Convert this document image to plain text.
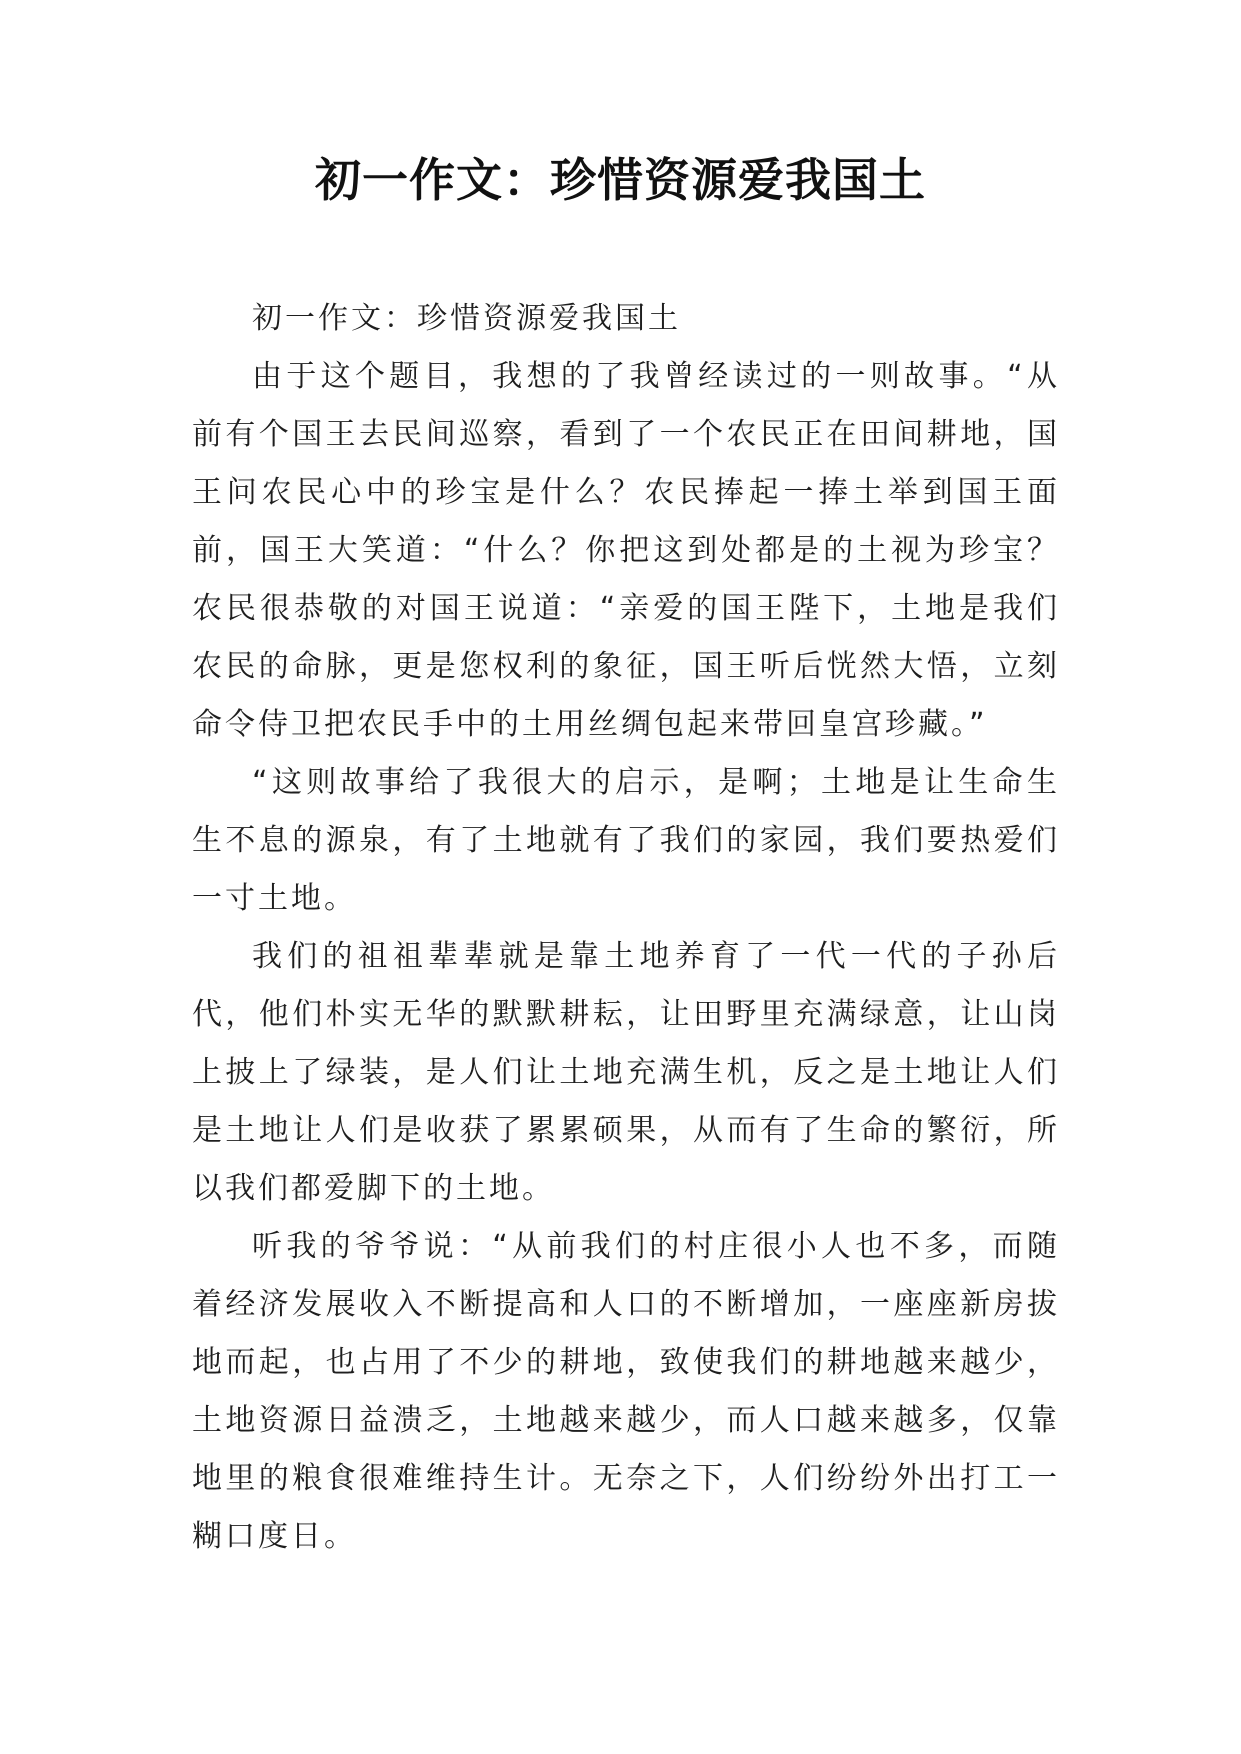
初一作文：珍惜资源爱我国土

初一作文：珍惜资源爱我国土

由于这个题目，我想的了我曾经读过的一则故事。“从前有个国王去民间巡察，看到了一个农民正在田间耕地，国王问农民心中的珍宝是什么？农民捧起一捧土举到国王面前，国王大笑道：“什么？你把这到处都是的土视为珍宝？农民很恭敬的对国王说道：“亲爱的国王陛下，土地是我们农民的命脉，更是您权利的象征，国王听后恍然大悟，立刻命令侍卫把农民手中的土用丝绸包起来带回皇宫珍藏。”

“这则故事给了我很大的启示，是啊；土地是让生命生生不息的源泉，有了土地就有了我们的家园，我们要热爱们一寸土地。

我们的祖祖辈辈就是靠土地养育了一代一代的子孙后代，他们朴实无华的默默耕耘，让田野里充满绿意，让山岗上披上了绿装，是人们让土地充满生机，反之是土地让人们是土地让人们是收获了累累硕果，从而有了生命的繁衍，所以我们都爱脚下的土地。

听我的爷爷说：“从前我们的村庄很小人也不多，而随着经济发展收入不断提高和人口的不断增加，一座座新房拔地而起，也占用了不少的耕地，致使我们的耕地越来越少，土地资源日益溃乏，土地越来越少，而人口越来越多，仅靠地里的粮食很难维持生计。无奈之下，人们纷纷外出打工一糊口度日。
